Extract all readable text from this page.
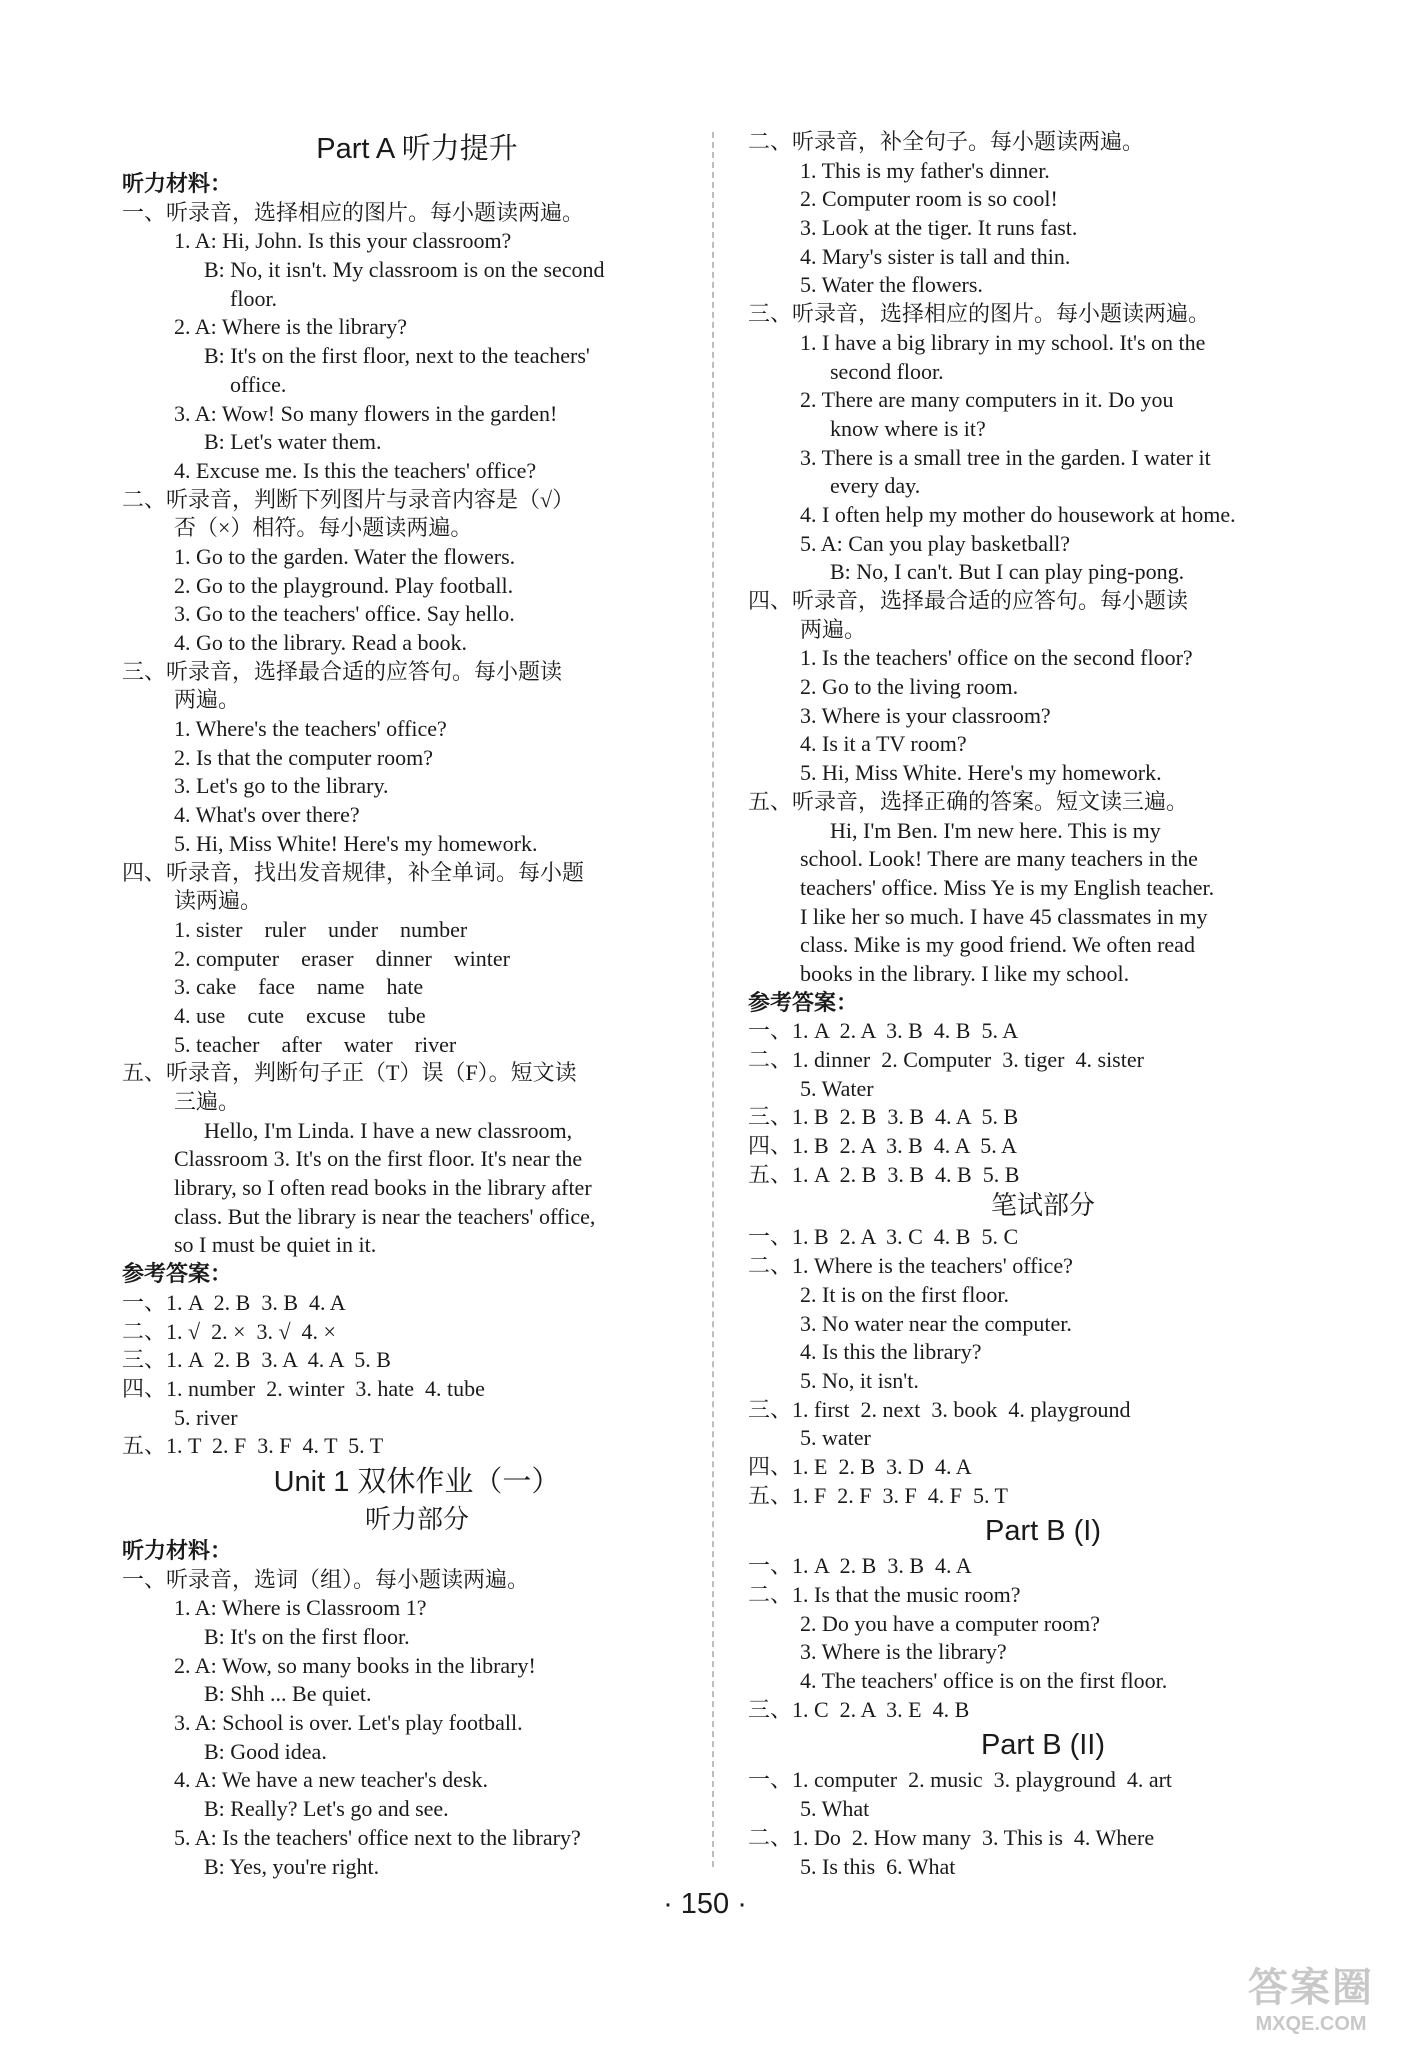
Part A 听力提升
听力材料：
一、听录音，选择相应的图片。每小题读两遍。
1. A: Hi, John. Is this your classroom?
B: No, it isn't. My classroom is on the second
floor.
2. A: Where is the library?
B: It's on the first floor, next to the teachers'
office.
3. A: Wow! So many flowers in the garden!
B: Let's water them.
4. Excuse me. Is this the teachers' office?
二、听录音，判断下列图片与录音内容是（√）
否（×）相符。每小题读两遍。
1. Go to the garden. Water the flowers.
2. Go to the playground. Play football.
3. Go to the teachers' office. Say hello.
4. Go to the library. Read a book.
三、听录音，选择最合适的应答句。每小题读
两遍。
1. Where's the teachers' office?
2. Is that the computer room?
3. Let's go to the library.
4. What's over there?
5. Hi, Miss White! Here's my homework.
四、听录音，找出发音规律，补全单词。每小题
读两遍。
1. sister    ruler    under    number
2. computer    eraser    dinner    winter
3. cake    face    name    hate
4. use    cute    excuse    tube
5. teacher    after    water    river
五、听录音，判断句子正（T）误（F）。短文读
三遍。
Hello, I'm Linda. I have a new classroom,
Classroom 3. It's on the first floor. It's near the
library, so I often read books in the library after
class. But the library is near the teachers' office,
so I must be quiet in it.
参考答案：
一、1. A  2. B  3. B  4. A
二、1. √  2. ×  3. √  4. ×
三、1. A  2. B  3. A  4. A  5. B
四、1. number  2. winter  3. hate  4. tube
5. river
五、1. T  2. F  3. F  4. T  5. T
Unit 1 双休作业（一）
听力部分
听力材料：
一、听录音，选词（组）。每小题读两遍。
1. A: Where is Classroom 1?
B: It's on the first floor.
2. A: Wow, so many books in the library!
B: Shh ... Be quiet.
3. A: School is over. Let's play football.
B: Good idea.
4. A: We have a new teacher's desk.
B: Really? Let's go and see.
5. A: Is the teachers' office next to the library?
B: Yes, you're right.
二、听录音，补全句子。每小题读两遍。
1. This is my father's dinner.
2. Computer room is so cool!
3. Look at the tiger. It runs fast.
4. Mary's sister is tall and thin.
5. Water the flowers.
三、听录音，选择相应的图片。每小题读两遍。
1. I have a big library in my school. It's on the
second floor.
2. There are many computers in it. Do you
know where is it?
3. There is a small tree in the garden. I water it
every day.
4. I often help my mother do housework at home.
5. A: Can you play basketball?
B: No, I can't. But I can play ping-pong.
四、听录音，选择最合适的应答句。每小题读
两遍。
1. Is the teachers' office on the second floor?
2. Go to the living room.
3. Where is your classroom?
4. Is it a TV room?
5. Hi, Miss White. Here's my homework.
五、听录音，选择正确的答案。短文读三遍。
Hi, I'm Ben. I'm new here. This is my
school. Look! There are many teachers in the
teachers' office. Miss Ye is my English teacher.
I like her so much. I have 45 classmates in my
class. Mike is my good friend. We often read
books in the library. I like my school.
参考答案：
一、1. A  2. A  3. B  4. B  5. A
二、1. dinner  2. Computer  3. tiger  4. sister
5. Water
三、1. B  2. B  3. B  4. A  5. B
四、1. B  2. A  3. B  4. A  5. A
五、1. A  2. B  3. B  4. B  5. B
笔试部分
一、1. B  2. A  3. C  4. B  5. C
二、1. Where is the teachers' office?
2. It is on the first floor.
3. No water near the computer.
4. Is this the library?
5. No, it isn't.
三、1. first  2. next  3. book  4. playground
5. water
四、1. E  2. B  3. D  4. A
五、1. F  2. F  3. F  4. F  5. T
Part B (I)
一、1. A  2. B  3. B  4. A
二、1. Is that the music room?
2. Do you have a computer room?
3. Where is the library?
4. The teachers' office is on the first floor.
三、1. C  2. A  3. E  4. B
Part B (II)
一、1. computer  2. music  3. playground  4. art
5. What
二、1. Do  2. How many  3. This is  4. Where
5. Is this  6. What
· 150 ·
答案圈
MXQE.COM
